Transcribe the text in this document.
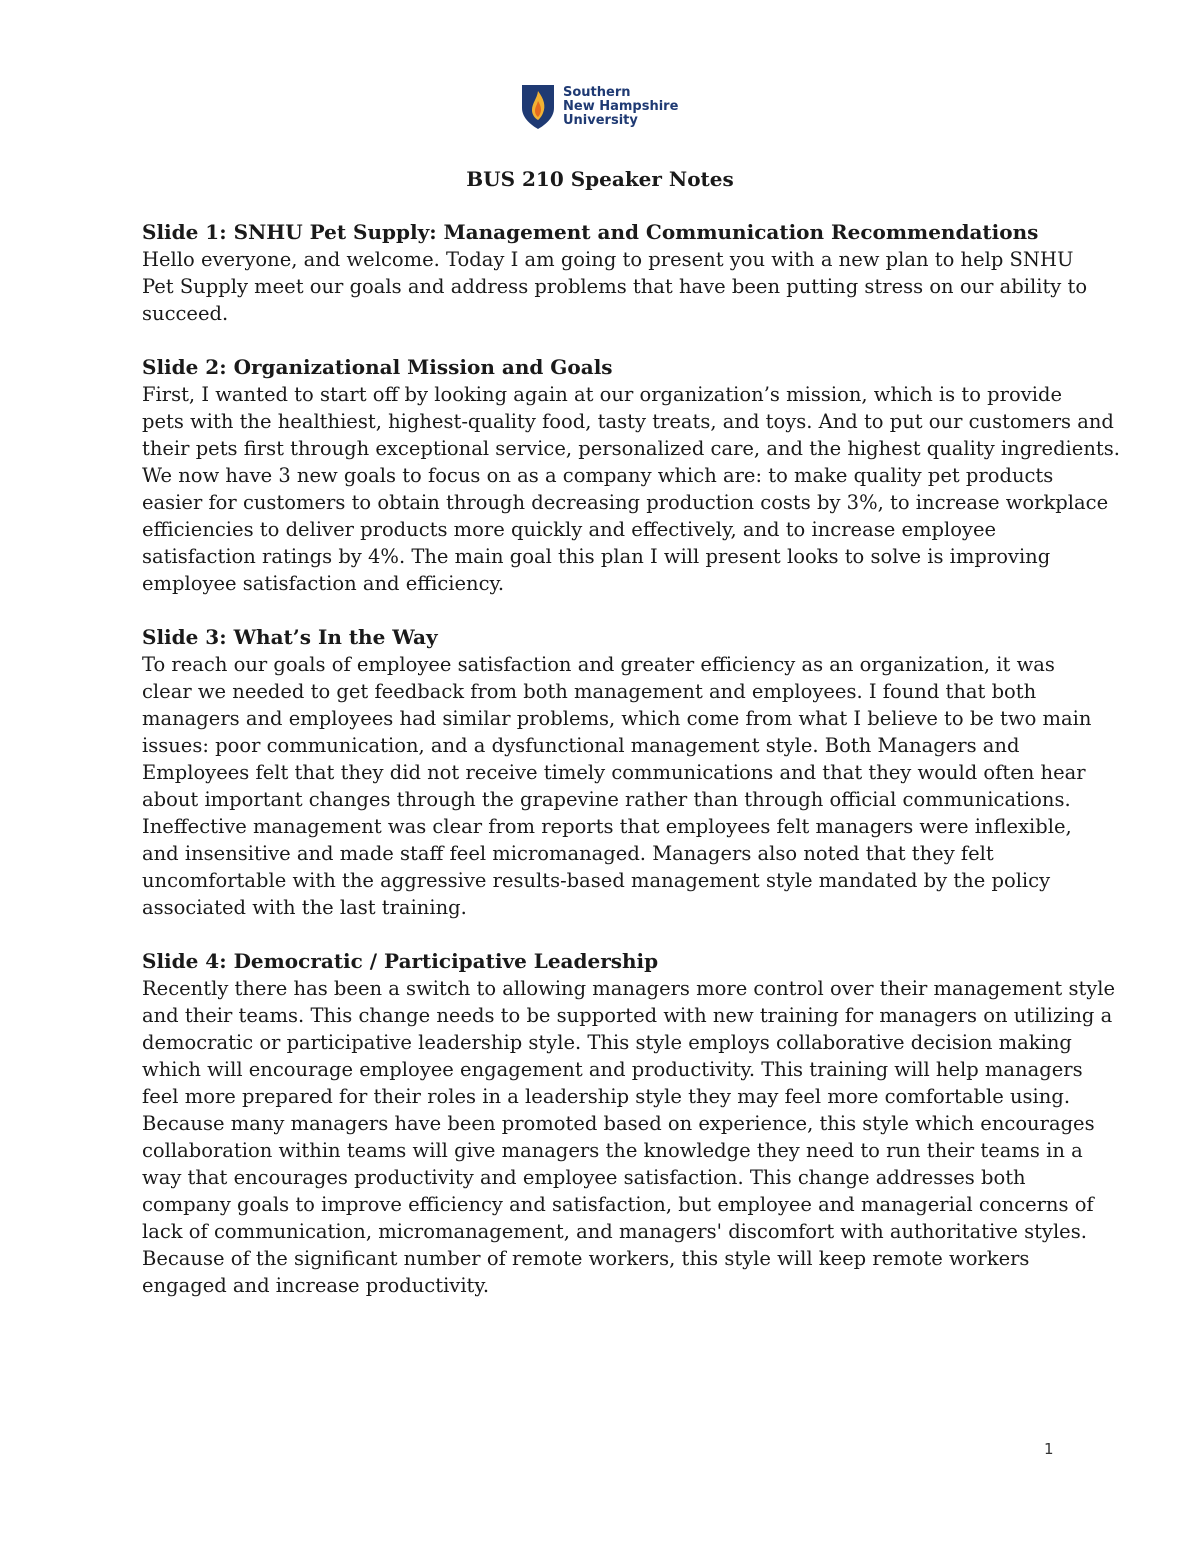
Southern
New Hampshire
University
BUS 210 Speaker Notes
Slide 1: SNHU Pet Supply: Management and Communication Recommendations
Hello everyone, and welcome. Today I am going to present you with a new plan to help SNHU
Pet Supply meet our goals and address problems that have been putting stress on our ability to
succeed.
Slide 2: Organizational Mission and Goals
First, I wanted to start off by looking again at our organization’s mission, which is to provide
pets with the healthiest, highest-quality food, tasty treats, and toys. And to put our customers and
their pets first through exceptional service, personalized care, and the highest quality ingredients.
We now have 3 new goals to focus on as a company which are: to make quality pet products
easier for customers to obtain through decreasing production costs by 3%, to increase workplace
efficiencies to deliver products more quickly and effectively, and to increase employee
satisfaction ratings by 4%. The main goal this plan I will present looks to solve is improving
employee satisfaction and efficiency.
Slide 3: What’s In the Way
To reach our goals of employee satisfaction and greater efficiency as an organization, it was
clear we needed to get feedback from both management and employees. I found that both
managers and employees had similar problems, which come from what I believe to be two main
issues: poor communication, and a dysfunctional management style. Both Managers and
Employees felt that they did not receive timely communications and that they would often hear
about important changes through the grapevine rather than through official communications.
Ineffective management was clear from reports that employees felt managers were inflexible,
and insensitive and made staff feel micromanaged. Managers also noted that they felt
uncomfortable with the aggressive results-based management style mandated by the policy
associated with the last training.
Slide 4: Democratic / Participative Leadership
Recently there has been a switch to allowing managers more control over their management style
and their teams. This change needs to be supported with new training for managers on utilizing a
democratic or participative leadership style. This style employs collaborative decision making
which will encourage employee engagement and productivity. This training will help managers
feel more prepared for their roles in a leadership style they may feel more comfortable using.
Because many managers have been promoted based on experience, this style which encourages
collaboration within teams will give managers the knowledge they need to run their teams in a
way that encourages productivity and employee satisfaction. This change addresses both
company goals to improve efficiency and satisfaction, but employee and managerial concerns of
lack of communication, micromanagement, and managers' discomfort with authoritative styles.
Because of the significant number of remote workers, this style will keep remote workers
engaged and increase productivity.
1
